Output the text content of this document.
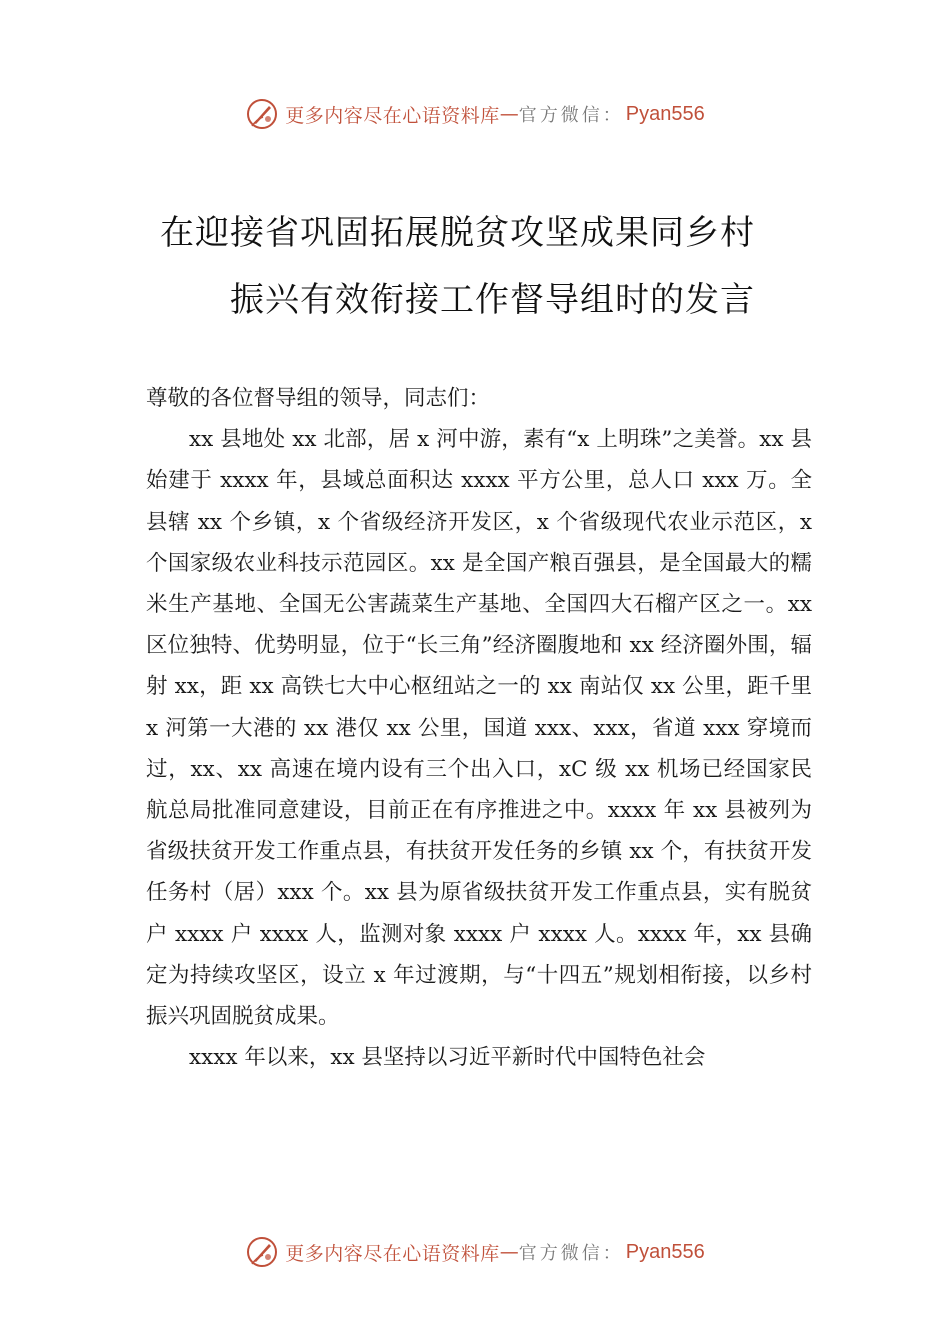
更多内容尽在心语资料库 — 官方微信： Pyan556
在迎接省巩固拓展脱贫攻坚成果同乡村
振兴有效衔接工作督导组时的发言

尊敬的各位督导组的领导，同志们：

xx 县地处 xx 北部，居 x 河中游，素有“x 上明珠”之美誉。xx 县始建于 xxxx 年，县域总面积达 xxxx 平方公里，总人口 xxx 万。全县辖 xx 个乡镇，x 个省级经济开发区，x 个省级现代农业示范区，x 个国家级农业科技示范园区。xx 是全国产粮百强县，是全国最大的糯米生产基地、全国无公害蔬菜生产基地、全国四大石榴产区之一。xx 区位独特、优势明显，位于“长三角”经济圈腹地和 xx 经济圈外围，辐射 xx，距 xx 高铁七大中心枢纽站之一的 xx 南站仅 xx 公里，距千里 x 河第一大港的 xx 港仅 xx 公里，国道 xxx、xxx，省道 xxx 穿境而过，xx、xx 高速在境内设有三个出入口，xC 级 xx 机场已经国家民航总局批准同意建设，目前正在有序推进之中。xxxx 年 xx 县被列为省级扶贫开发工作重点县，有扶贫开发任务的乡镇 xx 个，有扶贫开发任务村（居）xxx 个。xx 县为原省级扶贫开发工作重点县，实有脱贫户 xxxx 户 xxxx 人，监测对象 xxxx 户 xxxx 人。xxxx 年，xx 县确定为持续攻坚区，设立 x 年过渡期，与“十四五”规划相衔接，以乡村振兴巩固脱贫成果。

xxxx 年以来，xx 县坚持以习近平新时代中国特色社会

更多内容尽在心语资料库 — 官方微信： Pyan556
